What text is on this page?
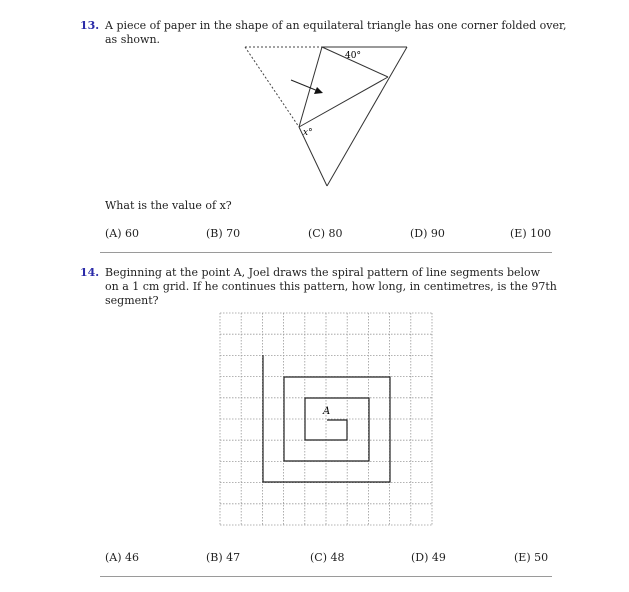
13. A piece of paper in the shape of an equilateral triangle has one corner folded over,
as shown.
40°
x°
What is the value of x?
(A) 60	(B) 70	(C) 80	(D) 90	(E) 100
14. Beginning at the point A, Joel draws the spiral pattern of line segments below
on a 1 cm grid. If he continues this pattern, how long, in centimetres, is the 97th
segment?
A
(A) 46	(B) 47	(C) 48	(D) 49	(E) 50
